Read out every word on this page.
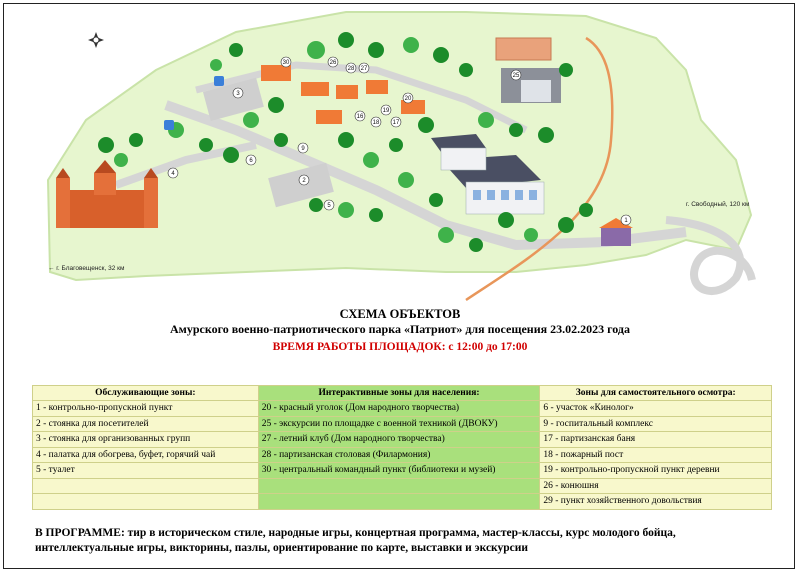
1
2
3
4
5
6
9
16
17
18
19
20
25
26
27
28
30
← г. Благовещенск, 32 км
г. Свободный, 120 км
СХЕМА ОБЪЕКТОВ
Амурского военно-патриотического парка «Патриот» для посещения 23.02.2023 года
ВРЕМЯ РАБОТЫ ПЛОЩАДОК: с 12:00 до 17:00
Обслуживающие зоны:	Интерактивные зоны для населения:	Зоны для самостоятельного осмотра:
1 - контрольно-пропускной пункт	20 - красный уголок (Дом народного творчества)	6 - участок «Кинолог»
2 - стоянка для посетителей	25 - экскурсии по площадке с военной техникой (ДВОКУ)	9 - госпитальный комплекс
3 - стоянка для организованных групп	27 - летний клуб (Дом народного творчества)	17 - партизанская баня
4 - палатка для обогрева, буфет, горячий чай	28 - партизанская столовая (Филармония)	18 - пожарный пост
5 - туалет	30 - центральный командный пункт (библиотеки и музей)	19 - контрольно-пропускной пункт деревни
		26 - конюшня
		29 - пункт хозяйственного довольствия
В ПРОГРАММЕ: тир в историческом стиле, народные игры, концертная программа, мастер-классы, курс молодого бойца, интеллектуальные игры, викторины, пазлы, ориентирование по карте, выставки и экскурсии
